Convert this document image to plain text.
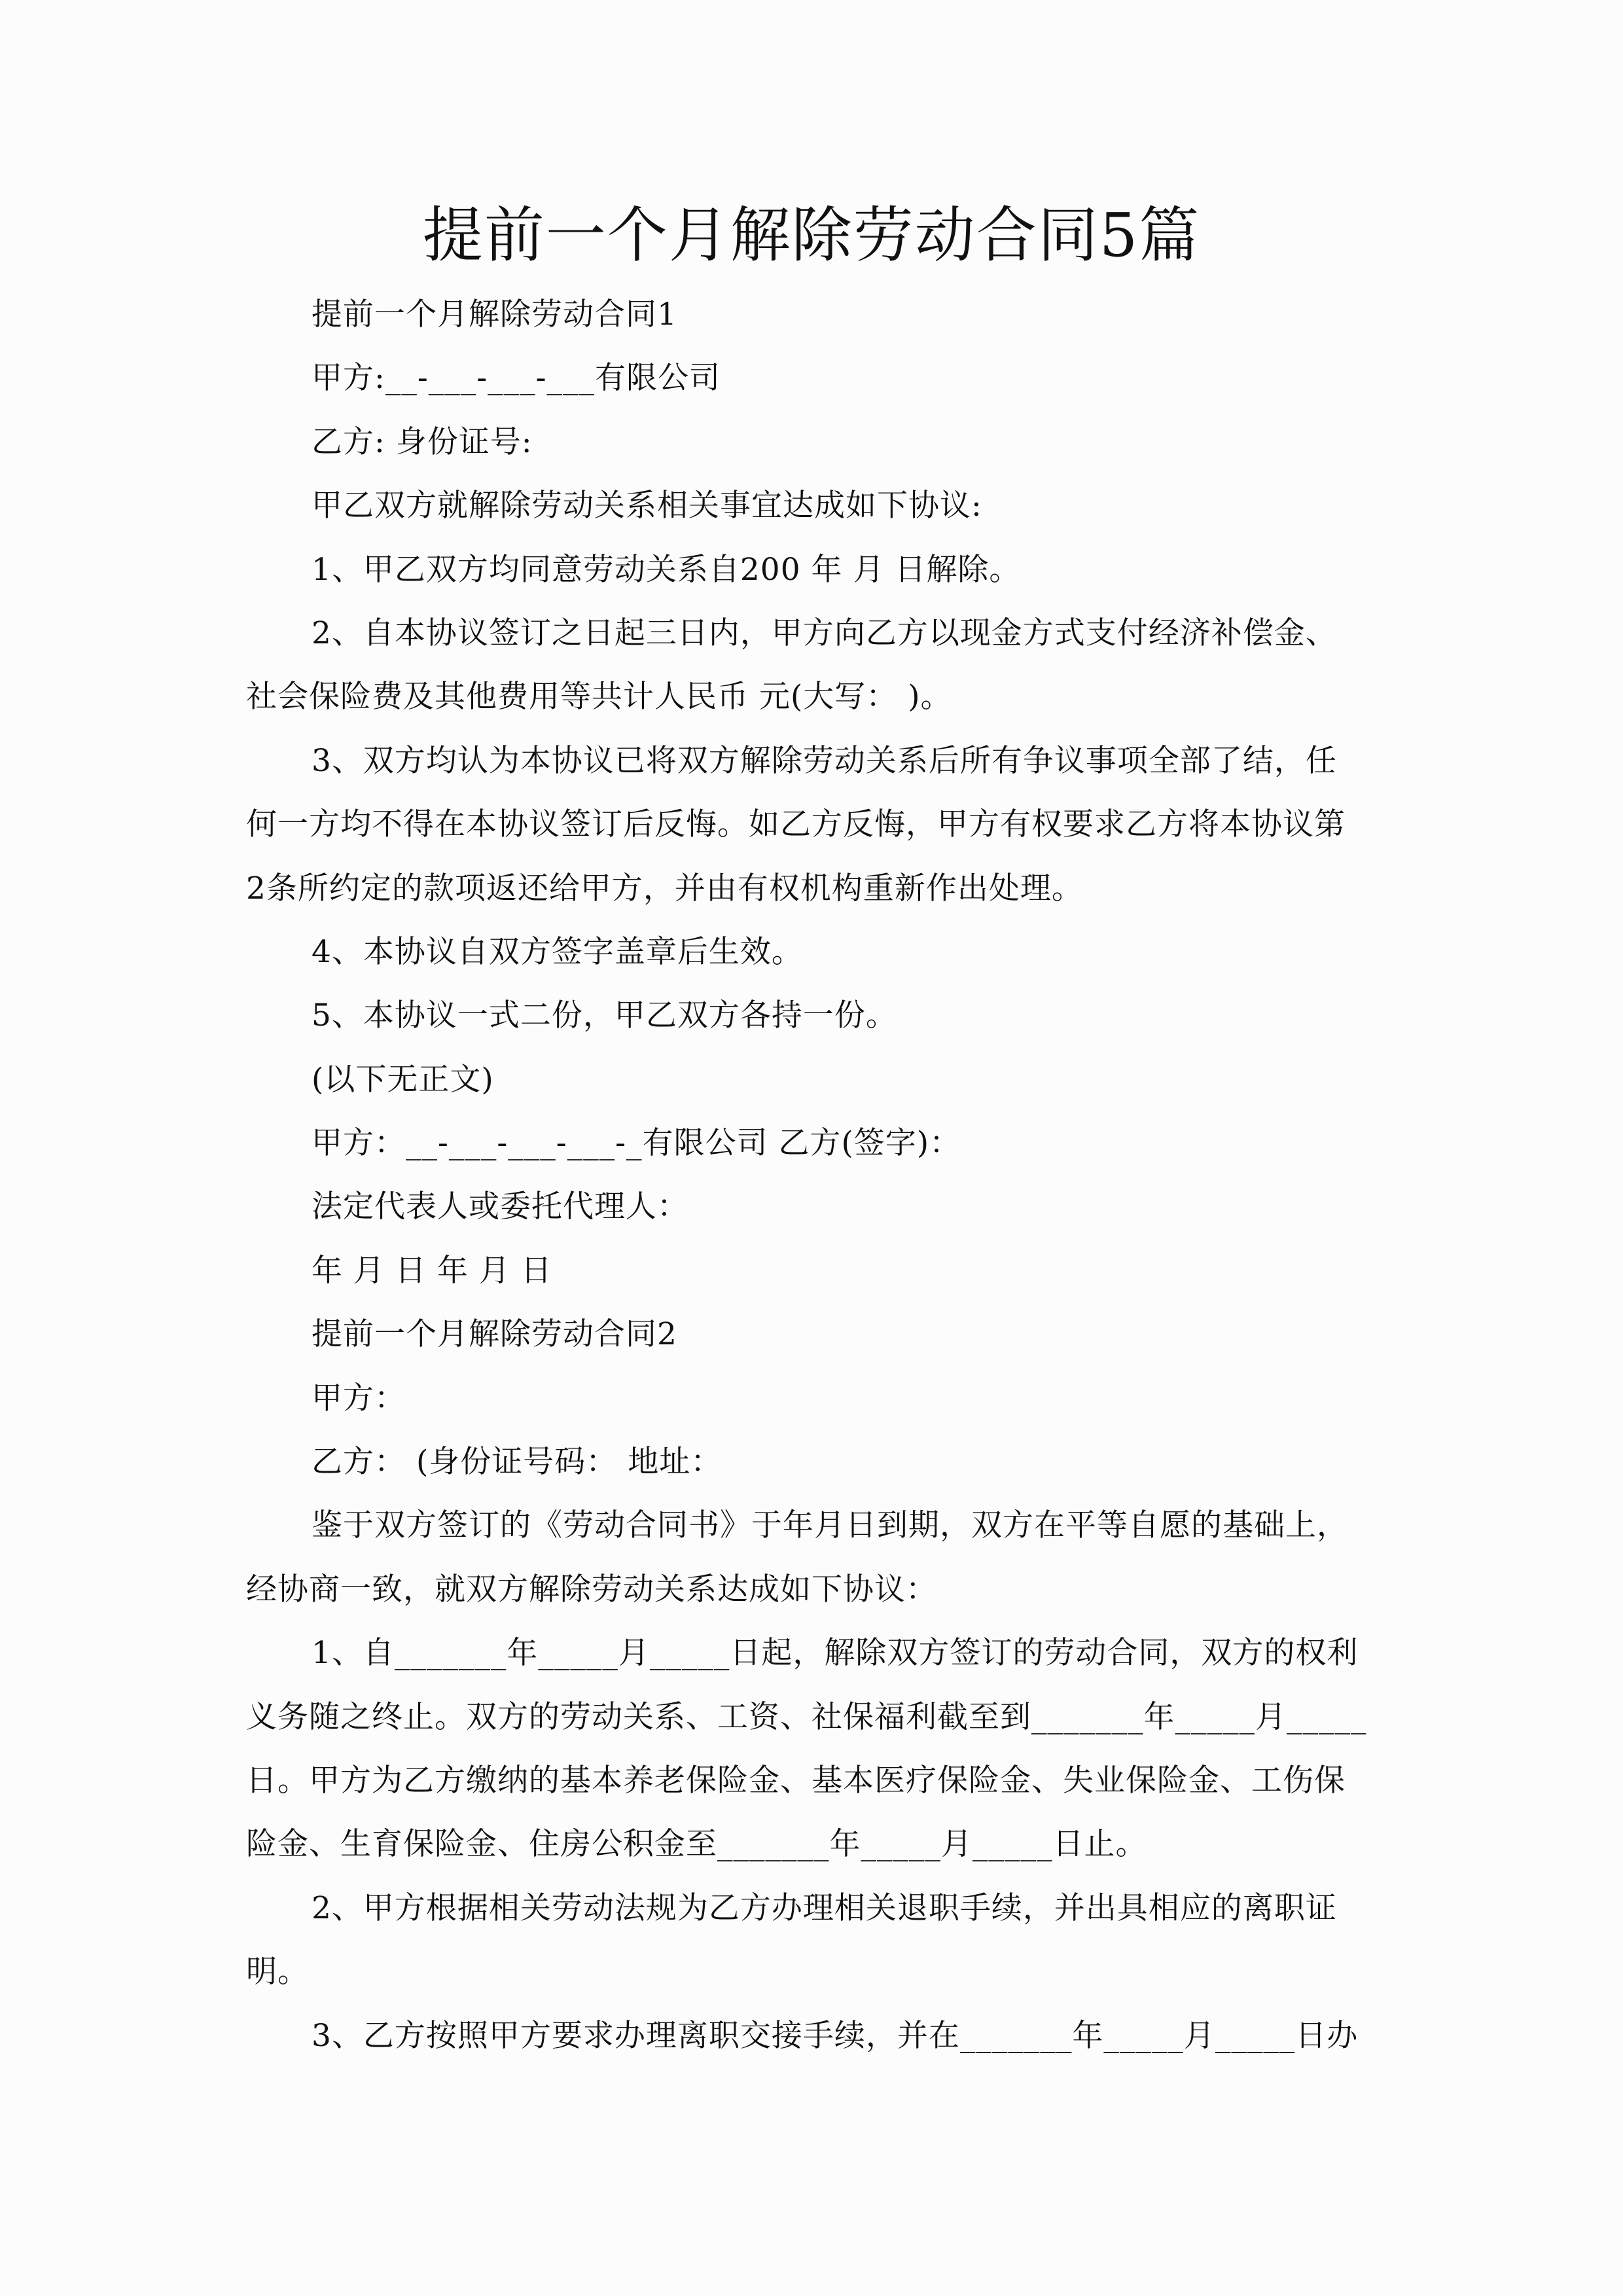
提前一个月解除劳动合同5篇

提前一个月解除劳动合同1

甲方:__-___-___-___有限公司

乙方: 身份证号:

甲乙双方就解除劳动关系相关事宜达成如下协议:

1、甲乙双方均同意劳动关系自200 年 月 日解除。

2、自本协议签订之日起三日内，甲方向乙方以现金方式支付经济补偿金、

社会保险费及其他费用等共计人民币 元(大写： )。

3、双方均认为本协议已将双方解除劳动关系后所有争议事项全部了结，任

何一方均不得在本协议签订后反悔。如乙方反悔，甲方有权要求乙方将本协议第

2条所约定的款项返还给甲方，并由有权机构重新作出处理。

4、本协议自双方签字盖章后生效。

5、本协议一式二份，甲乙双方各持一份。

(以下无正文)

甲方：__-___-___-___-_有限公司 乙方(签字)：

法定代表人或委托代理人：

年 月 日 年 月 日

提前一个月解除劳动合同2

甲方：

乙方： (身份证号码： 地址：

鉴于双方签订的《劳动合同书》于年月日到期，双方在平等自愿的基础上，

经协商一致，就双方解除劳动关系达成如下协议：

1、自_______年_____月_____日起，解除双方签订的劳动合同，双方的权利

义务随之终止。双方的劳动关系、工资、社保福利截至到_______年_____月_____

日。甲方为乙方缴纳的基本养老保险金、基本医疗保险金、失业保险金、工伤保

险金、生育保险金、住房公积金至_______年_____月_____日止。

2、甲方根据相关劳动法规为乙方办理相关退职手续，并出具相应的离职证

明。

3、乙方按照甲方要求办理离职交接手续，并在_______年_____月_____日办
